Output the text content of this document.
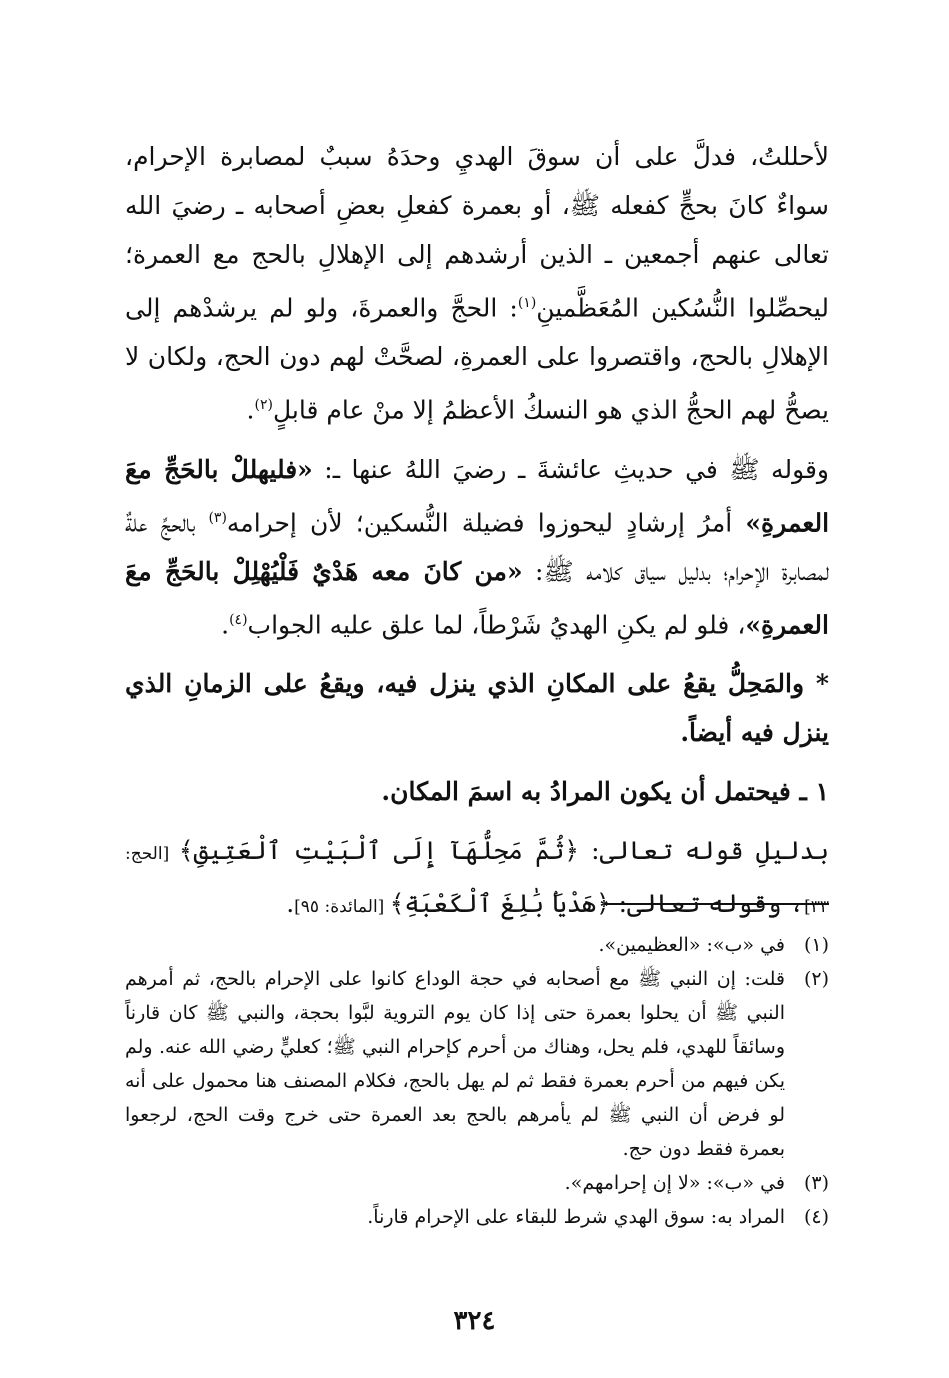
لأحللتُ، فدلَّ على أن سوقَ الهديِ وحدَهُ سببٌ لمصابرة الإحرام، سواءٌ كانَ بحجٍّ كفعله ﷺ، أو بعمرة كفعلِ بعضِ أصحابه ـ رضيَ الله تعالى عنهم أجمعين ـ الذين أرشدهم إلى الإهلالِ بالحج مع العمرة؛ ليحصِّلوا النُّسُكين المُعَظَّمينِ$^{(١)}$: الحجَّ والعمرةَ، ولو لم يرشدْهم إلى الإهلالِ بالحج، واقتصروا على العمرةِ، لصحَّتْ لهم دون الحج، ولكان لا يصحُّ لهم الحجُّ الذي هو النسكُ الأعظمُ إلا منْ عام قابلٍ$^{(٢)}$.

وقوله ﷺ في حديثِ عائشةَ ـ رضيَ اللهُ عنها ـ: «فليهللْ بالحَجِّ معَ العمرةِ» أمرُ إرشادٍ ليحوزوا فضيلة النُّسكين؛ لأن إحرامه$^{(٣)}$ بالحجِّ علةٌ لمصابرة الإحرام؛ بدليل سياق كلامه ﷺ: «من كانَ معه هَدْيٌ فَلْيُهْلِلْ بالحَجِّ معَ العمرةِ»، فلو لم يكنِ الهديُ شَرْطاً، لما علق عليه الجواب$^{(٤)}$.

* والمَحِلُّ يقعُ على المكانِ الذي ينزل فيه، ويقعُ على الزمانِ الذي ينزل فيه أيضاً.

١ ـ فيحتمل أن يكون المرادُ به اسمَ المكان.

بدليلِ قوله تعالى: ﴿ثُمَّ مَحِلُّهَآ إِلَى ٱلْبَيْتِ ٱلْعَتِيقِ﴾ [الحج: ٣٣]، وقوله تعالى: ﴿هَدْيَاۢ بَٰلِغَ ٱلْكَعْبَةِ﴾ [المائدة: ٩٥].

(١)
في «ب»: «العظيمين».
(٢)
قلت: إن النبي ﷺ مع أصحابه في حجة الوداع كانوا على الإحرام بالحج، ثم أمرهم النبي ﷺ أن يحلوا بعمرة حتى إذا كان يوم التروية لبَّوا بحجة، والنبي ﷺ كان قارناً وسائقاً للهدي، فلم يحل، وهناك من أحرم كإحرام النبي ﷺ؛ كعليٍّ رضي الله عنه. ولم يكن فيهم من أحرم بعمرة فقط ثم لم يهل بالحج، فكلام المصنف هنا محمول على أنه لو فرض أن النبي ﷺ لم يأمرهم بالحج بعد العمرة حتى خرج وقت الحج، لرجعوا بعمرة فقط دون حج.
(٣)
في «ب»: «لا إن إحرامهم».
(٤)
المراد به: سوق الهدي شرط للبقاء على الإحرام قارناً.
٣٢٤
